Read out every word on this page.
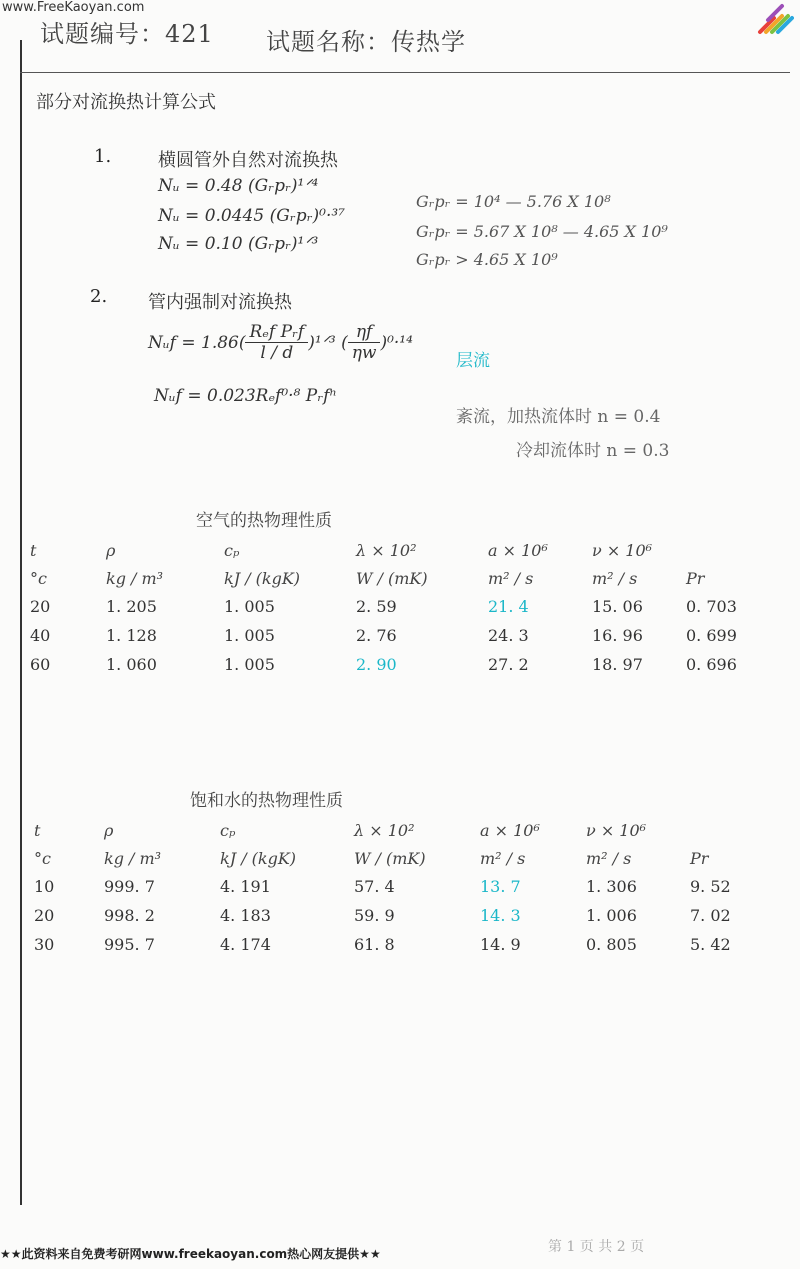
www.FreeKaoyan.com
试题编号：421 试题名称：传热学
部分对流换热计算公式
1.	横圆管外自然对流换热
Nᵤ = 0.48 (Gᵣpᵣ)¹ᐟ⁴
Nᵤ = 0.0445 (Gᵣpᵣ)⁰·³⁷
Nᵤ = 0.10 (Gᵣpᵣ)¹ᐟ³
Gᵣpᵣ = 10⁴ — 5.76 X 10⁸
Gᵣpᵣ = 5.67 X 10⁸ — 4.65 X 10⁹
Gᵣpᵣ > 4.65 X 10⁹
2. 管内强制对流换热
Nᵤf = $1.86( \frac{\text{Rₑf Pᵣf}}{l / d}$ )¹ᐟ³ ( $\frac{\eta f}{\eta w} )^0\cdot^{14}$
层流
Nᵤf = 0.023Rₑf⁰·⁸ Pᵣfⁿ
紊流，加热流体时 n = 0.4
冷却流体时 n = 0.3
空气的热物理性质
t	ρ	cₚ	λ × 10²	a × 10⁶	ν × 10⁶	
°c	kg / m³	kJ / (kgK)	W / (mK)	m² / s	m² / s	Pr
20	1. 205	1. 005	2. 59	21. 4	15. 06	0. 703
40	1. 128	1. 005	2. 76	24. 3	16. 96	0. 699
60	1. 060	1. 005	2. 90	27. 2	18. 97	0. 696
饱和水的热物理性质
t	ρ	cₚ	λ × 10²	a × 10⁶	ν × 10⁶	
°c	kg / m³	kJ / (kgK)	W / (mK)	m² / s	m² / s	Pr
10	999. 7	4. 191	57. 4	13. 7	1. 306	9. 52
20	998. 2	4. 183	59. 9	14. 3	1. 006	7. 02
30	995. 7	4. 174	61. 8	14. 9	0. 805	5. 42
第 1 页 共 2 页
★★此资料来自免费考研网www.freekaoyan.com热心网友提供★★
